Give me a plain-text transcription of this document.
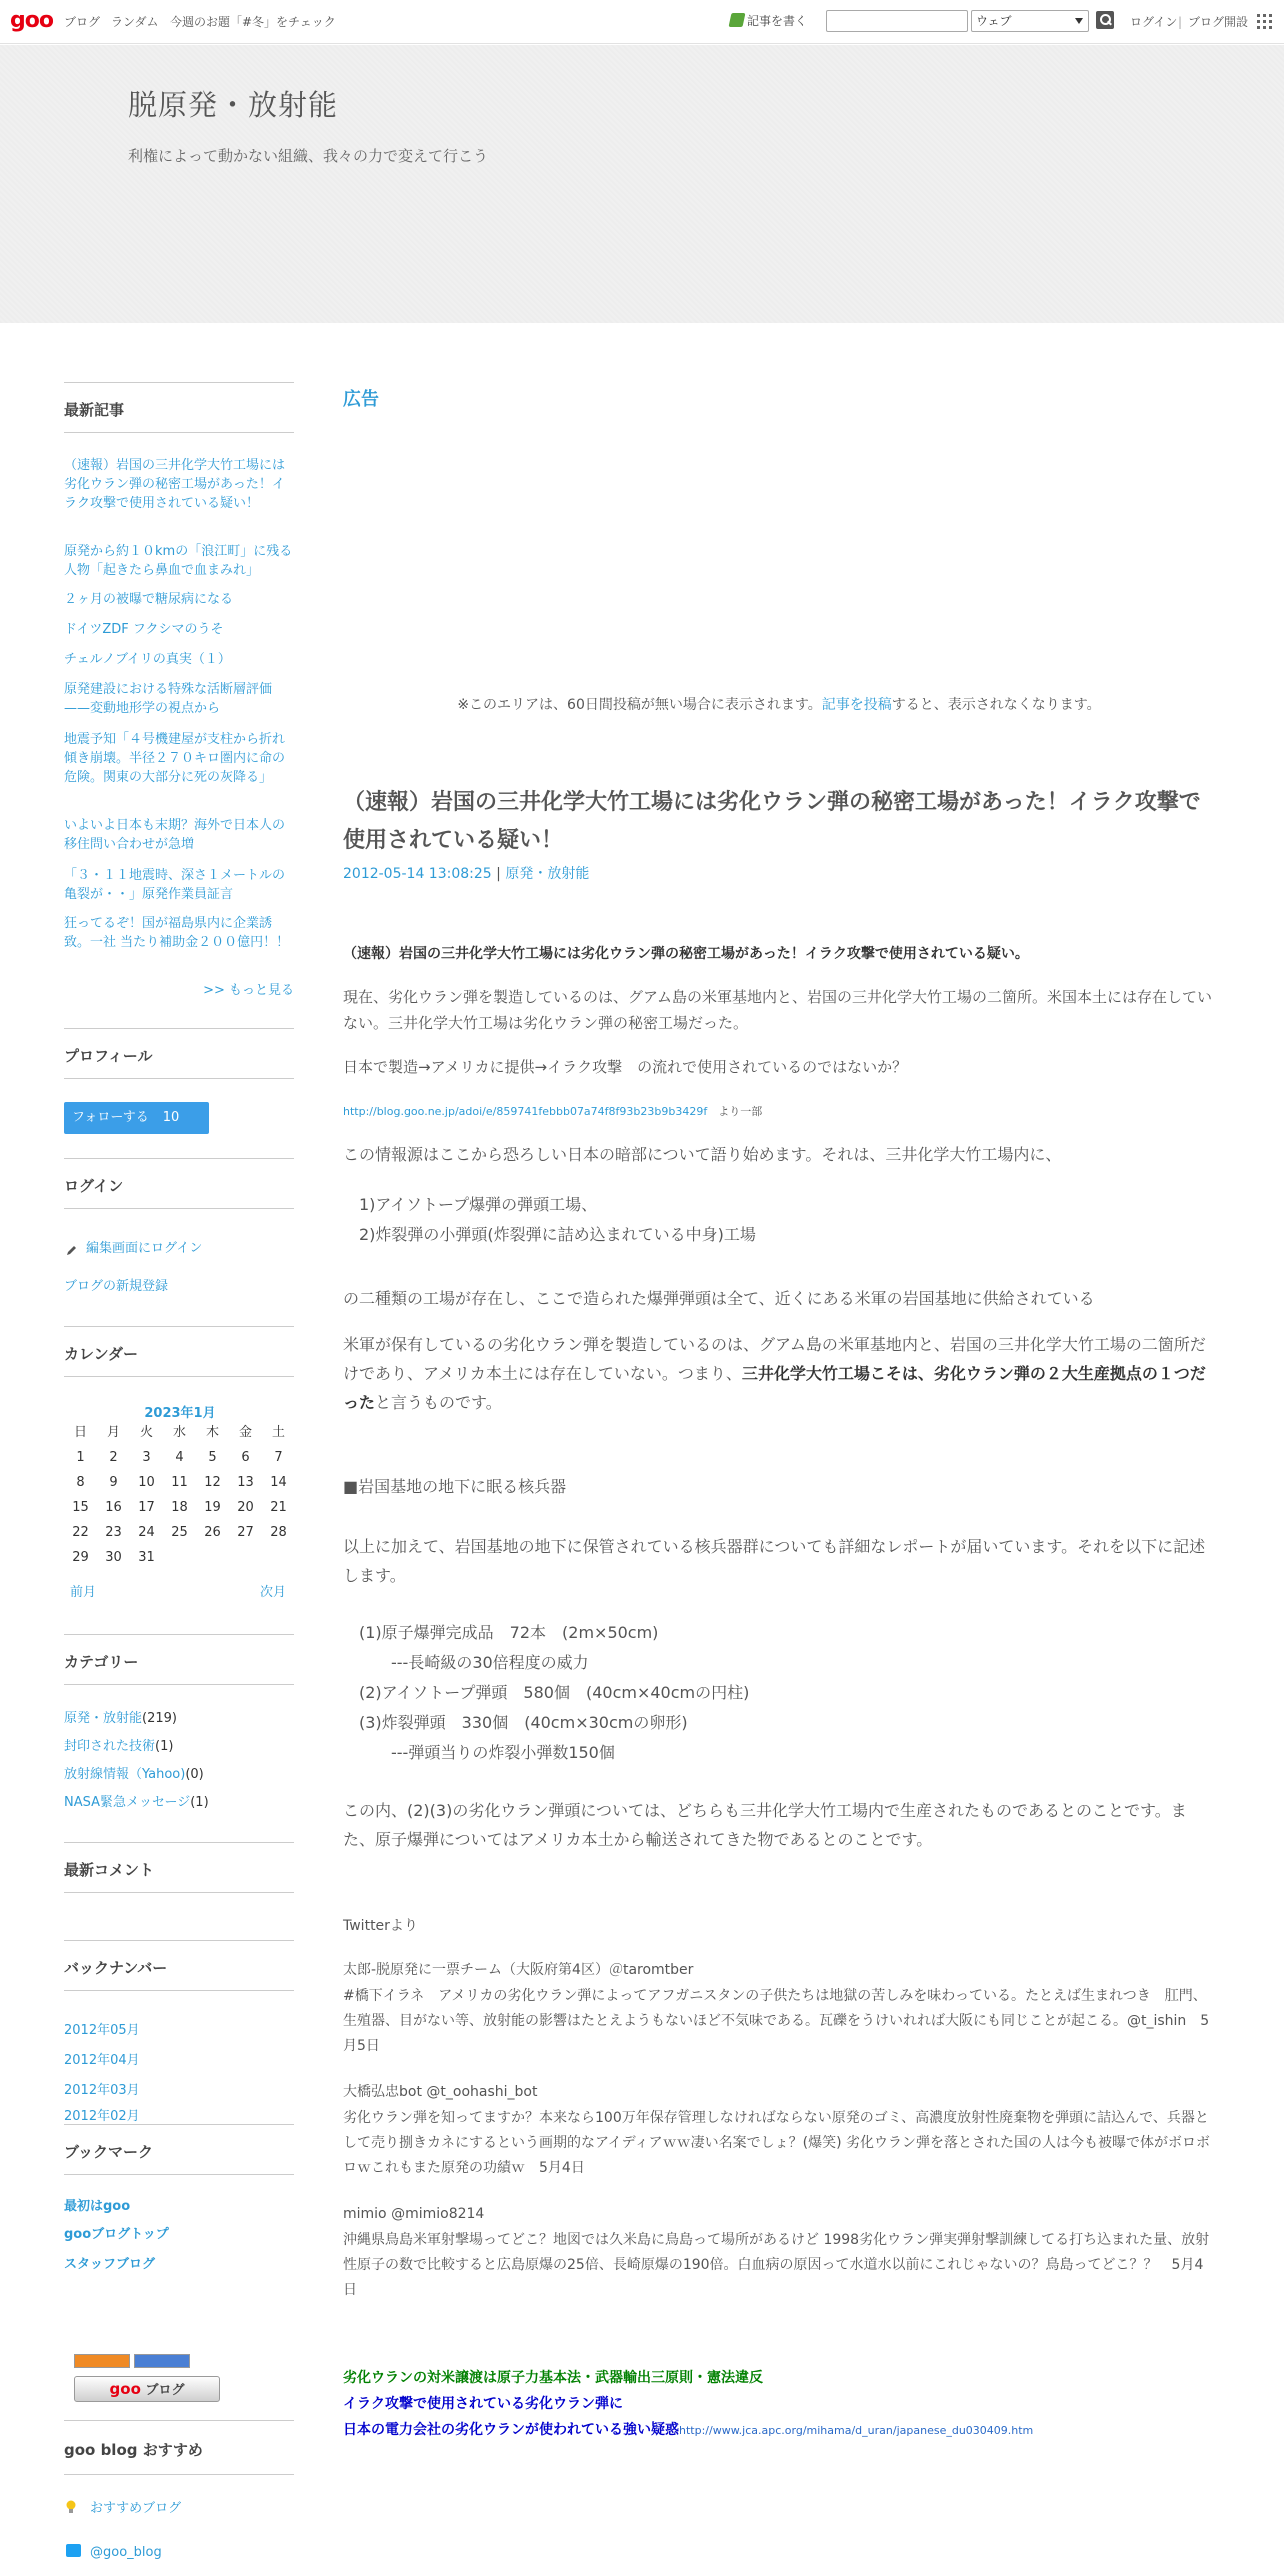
goo ブログ ランダム 今週のお題「#冬」をチェック	記事を書く	ウェブ	ログイン | ブログ開設
脱原発・放射能
利権によって動かない組織、我々の力で変えて行こう
最新記事
（速報）岩国の三井化学大竹工場には劣化ウラン弾の秘密工場があった！イラク攻撃で使用されている疑い！
原発から約１０kmの「浪江町」に残る人物「起きたら鼻血で血まみれ」
２ヶ月の被曝で糖尿病になる
ドイツZDF フクシマのうそ
チェルノブイリの真実（１）
原発建設における特殊な活断層評価——変動地形学の視点から
地震予知「４号機建屋が支柱から折れ傾き崩壊。半径２７０キロ圏内に命の危険。関東の大部分に死の灰降る」
いよいよ日本も末期？海外で日本人の移住問い合わせが急増
「３・１１地震時、深さ１メートルの亀裂が・・」原発作業員証言
狂ってるぞ！国が福島県内に企業誘致。一社 当たり補助金２００億円！！
>> もっと見る
プロフィール
フォローする 10
ログイン
編集画面にログイン
ブログの新規登録
カレンダー
2023年1月
日	月	火	水	木	金	土
1	2	3	4	5	6	7
8	9	10	11	12	13	14
15	16	17	18	19	20	21
22	23	24	25	26	27	28
29	30	31
前月	次月
カテゴリー
原発・放射能(219)
封印された技術(1)
放射線情報（Yahoo)(0)
NASA緊急メッセージ(1)
最新コメント
バックナンバー
2012年05月
2012年04月
2012年03月
2012年02月
ブックマーク
最初はgoo
gooブログトップ
スタッフブログ
goo ブログ
goo blog おすすめ
おすすめブログ
@goo_blog
広告
※このエリアは、60日間投稿が無い場合に表示されます。記事を投稿すると、表示されなくなります。
（速報）岩国の三井化学大竹工場には劣化ウラン弾の秘密工場があった！イラク攻撃で使用されている疑い！
2012-05-14 13:08:25 | 原発・放射能
（速報）岩国の三井化学大竹工場には劣化ウラン弾の秘密工場があった！イラク攻撃で使用されている疑い。
現在、劣化ウラン弾を製造しているのは、グアム島の米軍基地内と、岩国の三井化学大竹工場の二箇所。米国本土には存在していない。三井化学大竹工場は劣化ウラン弾の秘密工場だった。
日本で製造→アメリカに提供→イラク攻撃　の流れで使用されているのではないか？
http://blog.goo.ne.jp/adoi/e/859741febbb07a74f8f93b23b9b3429f　より一部
この情報源はここから恐ろしい日本の暗部について語り始めます。それは、三井化学大竹工場内に、
　1)アイソトープ爆弾の弾頭工場、
　2)炸裂弾の小弾頭(炸裂弾に詰め込まれている中身)工場
の二種類の工場が存在し、ここで造られた爆弾弾頭は全て、近くにある米軍の岩国基地に供給されている
米軍が保有しているの劣化ウラン弾を製造しているのは、グアム島の米軍基地内と、岩国の三井化学大竹工場の二箇所だけであり、アメリカ本土には存在していない。つまり、三井化学大竹工場こそは、劣化ウラン弾の２大生産拠点の１つだったと言うものです。
■岩国基地の地下に眠る核兵器
以上に加えて、岩国基地の地下に保管されている核兵器群についても詳細なレポートが届いています。それを以下に記述します。
　(1)原子爆弾完成品　72本　(2m×50cm)
　　　---長崎級の30倍程度の威力
　(2)アイソトープ弾頭　580個　(40cm×40cmの円柱)
　(3)炸裂弾頭　330個　(40cm×30cmの卵形)
　　　---弾頭当りの炸裂小弾数150個
この内、(2)(3)の劣化ウラン弾頭については、どちらも三井化学大竹工場内で生産されたものであるとのことです。また、原子爆弾についてはアメリカ本土から輸送されてきた物であるとのことです。
Twitterより
太郎-脱原発に一票チーム（大阪府第4区）＠taromtber
#橋下イラネ　アメリカの劣化ウラン弾によってアフガニスタンの子供たちは地獄の苦しみを味わっている。たとえば生まれつき　肛門、生殖器、目がない等、放射能の影響はたとえようもないほど不気味である。瓦礫をうけいれれば大阪にも同じことが起こる。@t_ishin　5月5日
大橋弘忠bot @t_oohashi_bot
劣化ウラン弾を知ってますか？本来なら100万年保存管理しなければならない原発のゴミ、高濃度放射性廃棄物を弾頭に詰込んで、兵器として売り捌きカネにするという画期的なアイディアｗｗ凄い名案でしょ？(爆笑) 劣化ウラン弾を落とされた国の人は今も被曝で体がボロボロｗこれもまた原発の功績ｗ　5月4日
mimio @mimio8214
沖縄県鳥島米軍射撃場ってどこ？地図では久米島に鳥島って場所があるけど 1998劣化ウラン弾実弾射撃訓練してる打ち込まれた量、放射性原子の数で比較すると広島原爆の25倍、長崎原爆の190倍。白血病の原因って水道水以前にこれじゃないの？鳥島ってどこ？？　5月4日
劣化ウランの対米譲渡は原子力基本法・武器輸出三原則・憲法違反
イラク攻撃で使用されている劣化ウラン弾に
日本の電力会社の劣化ウランが使われている強い疑惑http://www.jca.apc.org/mihama/d_uran/japanese_du030409.htm
